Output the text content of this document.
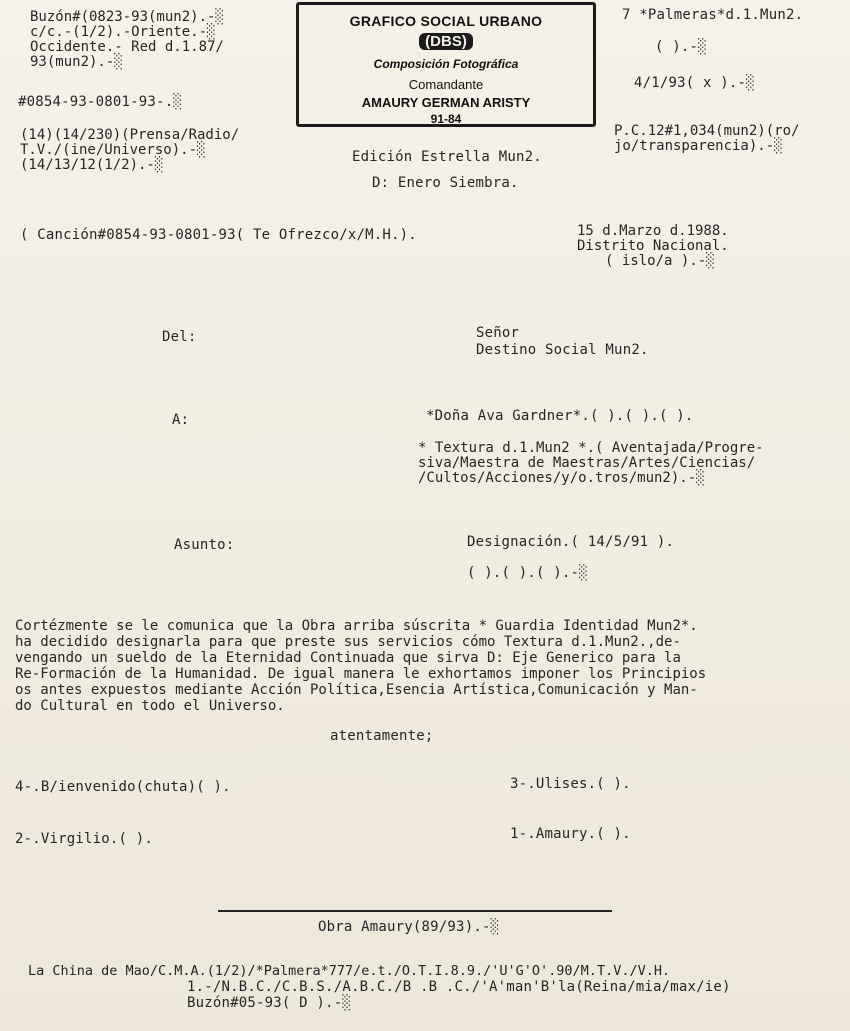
Buzón#(0823-93(mun2).-░
c/c.-(1/2).-Oriente.-░
Occidente.- Red d.1.87/
93(mun2).-░
#0854-93-0801-93-.░
(14)(14/230)(Prensa/Radio/
T.V./(ine/Universo).-░
(14/13/12(1/2).-░
GRAFICO SOCIAL URBANO
(DBS)
Composición Fotográfica
Comandante
AMAURY GERMAN ARISTY
91-84
7 *Palmeras*d.1.Mun2.
( ).-░
4/1/93( x ).-░
P.C.12#1,034(mun2)(ro/
jo/transparencia).-░
Edición Estrella Mun2.
D: Enero Siembra.
( Canción#0854-93-0801-93( Te Ofrezco/x/M.H.).	15 d.Marzo d.1988.
Distrito Nacional.
( islo/a ).-░
Del:	Señor
Destino Social Mun2.
A:	*Doña Ava Gardner*.( ).( ).( ).
* Textura d.1.Mun2 *.( Aventajada/Progre-
siva/Maestra de Maestras/Artes/Ciencias/
/Cultos/Acciones/y/o.tros/mun2).-░
Asunto:	Designación.( 14/5/91 ).
( ).( ).( ).-░
Cortézmente se le comunica que la Obra arriba súscrita * Guardia Identidad Mun2*.
ha decidido designarla para que preste sus servicios cómo Textura d.1.Mun2.,de-
vengando un sueldo de la Eternidad Continuada que sirva D: Eje Generico para la
Re-Formación de la Humanidad. De igual manera le exhortamos imponer los Principios
os antes expuestos mediante Acción Política,Esencia Artística,Comunicación y Man-
do Cultural en todo el Universo.
atentamente;
4-.B/ienvenido(chuta)( ).	3-.Ulises.( ).
2-.Virgilio.( ).	1-.Amaury.( ).
Obra Amaury(89/93).-░
La China de Mao/C.M.A.(1/2)/*Palmera*777/e.t./O.T.I.8.9./'U'G'O'.90/M.T.V./V.H.
1.-/N.B.C./C.B.S./A.B.C./B .B .C./'A'man'B'la(Reina/mia/max/ie)
Buzón#05-93( D ).-░
